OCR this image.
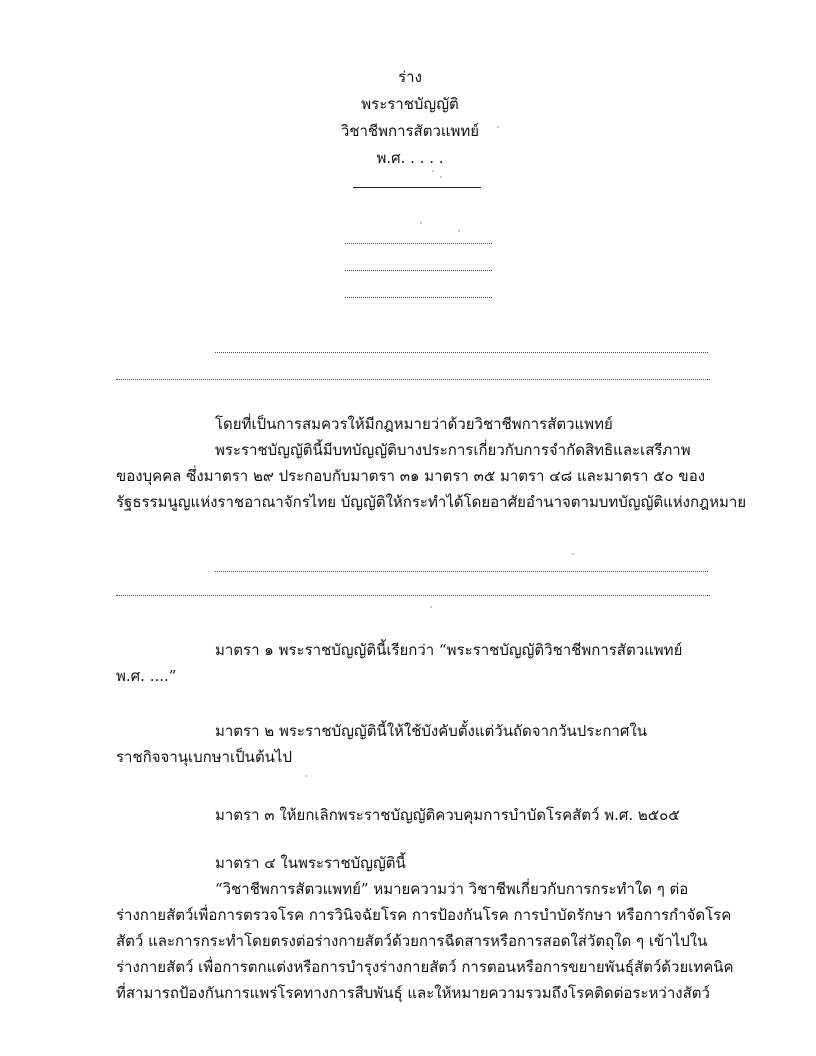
ร่าง
พระราชบัญญัติ
วิชาชีพการสัตวแพทย์
พ.ศ. . . . .
โดยที่เป็นการสมควรให้มีกฎหมายว่าด้วยวิชาชีพการสัตวแพทย์
พระราชบัญญัตินี้มีบทบัญญัติบางประการเกี่ยวกับการจำกัดสิทธิและเสรีภาพ
ของบุคคล ซึ่งมาตรา ๒๙ ประกอบกับมาตรา ๓๑ มาตรา ๓๕ มาตรา ๔๘ และมาตรา ๕๐ ของ
รัฐธรรมนูญแห่งราชอาณาจักรไทย บัญญัติให้กระทำได้โดยอาศัยอำนาจตามบทบัญญัติแห่งกฎหมาย
มาตรา ๑ พระราชบัญญัตินี้เรียกว่า “พระราชบัญญัติวิชาชีพการสัตวแพทย์
พ.ศ. ....”
มาตรา ๒ พระราชบัญญัตินี้ให้ใช้บังคับตั้งแต่วันถัดจากวันประกาศใน
ราชกิจจานุเบกษาเป็นต้นไป
มาตรา ๓ ให้ยกเลิกพระราชบัญญัติควบคุมการบำบัดโรคสัตว์ พ.ศ. ๒๕๐๕
มาตรา ๔ ในพระราชบัญญัตินี้
“วิชาชีพการสัตวแพทย์” หมายความว่า วิชาชีพเกี่ยวกับการกระทำใด ๆ ต่อ
ร่างกายสัตว์เพื่อการตรวจโรค การวินิจฉัยโรค การป้องกันโรค การบำบัดรักษา หรือการกำจัดโรค
สัตว์ และการกระทำโดยตรงต่อร่างกายสัตว์ด้วยการฉีดสารหรือการสอดใส่วัตถุใด ๆ เข้าไปใน
ร่างกายสัตว์ เพื่อการตกแต่งหรือการบำรุงร่างกายสัตว์ การตอนหรือการขยายพันธุ์สัตว์ด้วยเทคนิค
ที่สามารถป้องกันการแพร่โรคทางการสืบพันธุ์ และให้หมายความรวมถึงโรคติดต่อระหว่างสัตว์
